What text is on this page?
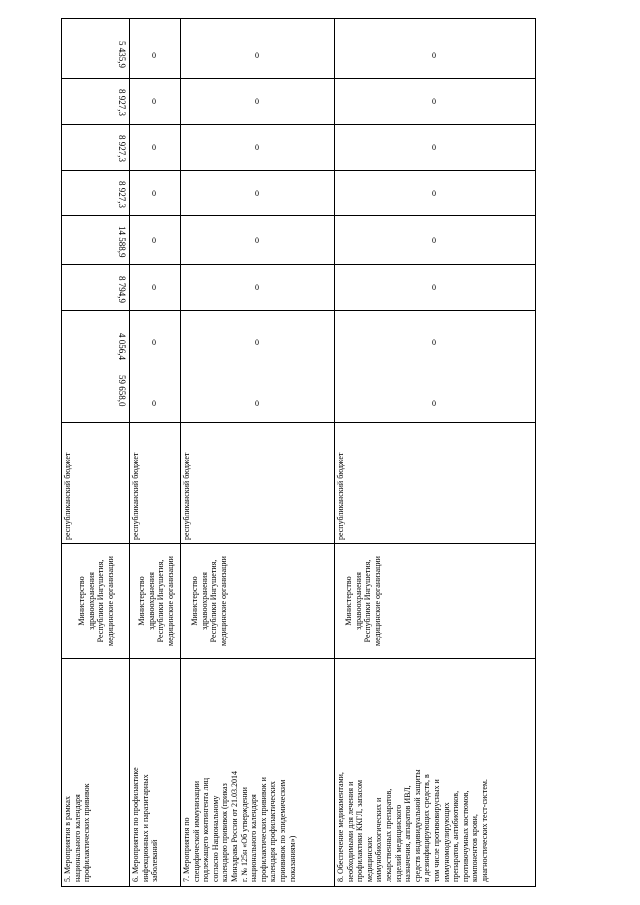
5. Мероприятия в рамках
национального календаря
профилактических прививок
Министерство
здравоохранения
Республики Ингушетия,
медицинские организации
республиканский бюджет
6. Мероприятия по профилактике
инфекционных и паразитарных
заболеваний
Министерство
здравоохранения
Республики Ингушетия,
медицинские организации
республиканский бюджет
7. Мероприятия по
специфической иммунизации
подлежащего контингента лиц
согласно Национальному
календарю прививок (приказ
Минздрава России от 21.03.2014
г. № 125н «Об утверждении
национального календаря
профилактических прививок и
календаря профилактических
приививок по эпидемическим
показаниям»)
Министерство
здравоохранения
Республики Ингушетия,
медицинские организации
республиканский бюджет
8. Обеспечение медикаментами,
необходимыми для лечения и
профилактики ККГЛ, запасом
медицинских
иммунобиологических и
лекарственных препаратов,
изделий медицинского
назначения, аппаратов ИВЛ,
средств индивидуальной защиты
и дезинфицирующих средств, в
том числе противовирусных и
иммуномодулирующих
препаратов, антибиотиков,
противочумных костюмов,
компонентов крови,
диагностических тест-систем.
Министерство
здравоохранения
Республики Ингушетия,
медицинские организации
республиканский бюджет
59 658,0
4 056,4
8 794,9
14 588,9
8 927,3
8 927,3
8 927,3
5 435,9
0
0
0
0
0
0
0
0
0
0
0
0
0
0
0
0
0
0
0
0
0
0
0
0
